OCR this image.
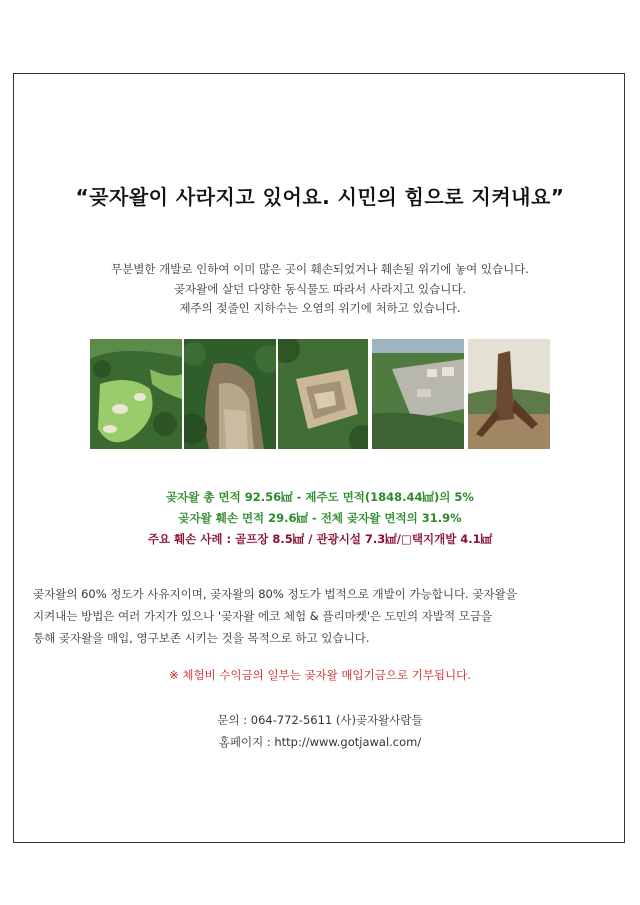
“곶자왈이 사라지고 있어요. 시민의 힘으로 지켜내요”

무분별한 개발로 인하여 이미 많은 곳이 훼손되었거나 훼손될 위기에 놓여 있습니다.

곶자왈에 살던 다양한 동식물도 따라서 사라지고 있습니다.

제주의 젖줄인 지하수는 오염의 위기에 처하고 있습니다.

곶자왈 총 면적 92.56㎢ - 제주도 면적(1848.44㎢)의 5%

곶자왈 훼손 면적 29.6㎢ - 전체 곶자왈 면적의 31.9%

주요 훼손 사례 : 골프장 8.5㎢ / 관광시설 7.3㎢/□택지개발 4.1㎢

곶자왈의 60% 정도가 사유지이며, 곶자왈의 80% 정도가 법적으로 개발이 가능합니다. 곶자왈을

지켜내는 방법은 여러 가지가 있으나 '곶자왈 에코 체험 & 플리마켓'은 도민의 자발적 모금을

통해 곶자왈을 매입, 영구보존 시키는 것을 목적으로 하고 있습니다.

※ 체험비 수익금의 일부는 곶자왈 매입기금으로 기부됩니다.

문의 : 064-772-5611 (사)곶자왈사람들

홈페이지 : http://www.gotjawal.com/
